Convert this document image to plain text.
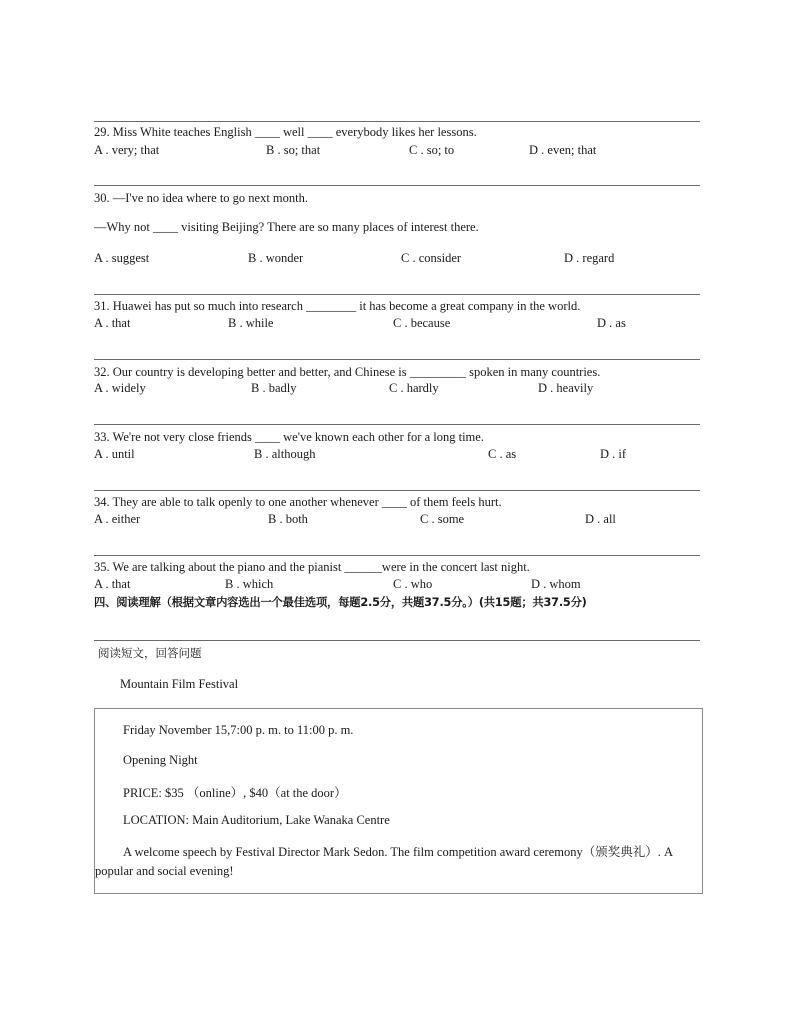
29. Miss White teaches English ____ well ____ everybody likes her lessons.
A . very; that	B . so; that	C . so; to	D . even; that
30. —I've no idea where to go next month.
—Why not ____ visiting Beijing? There are so many places of interest there.
A . suggest	B . wonder	C . consider	D . regard
31. Huawei has put so much into research ________ it has become a great company in the world.
A . that	B . while	C . because	D . as
32. Our country is developing better and better, and Chinese is _________ spoken in many countries.
A . widely	B . badly	C . hardly	D . heavily
33. We're not very close friends ____ we've known each other for a long time.
A . until	B . although	C . as	D . if
34. They are able to talk openly to one another whenever ____ of them feels hurt.
A . either	B . both	C . some	D . all
35. We are talking about the piano and the pianist ______were in the concert last night.
A . that	B . which	C . who	D . whom
四、阅读理解（根据文章内容选出一个最佳选项，每题2.5分，共题37.5分。）(共15题；共37.5分)
阅读短文，回答问题
Mountain Film Festival
Friday November 15,7:00 p. m. to 11:00 p. m.
Opening Night
PRICE: $35 （online）, $40（at the door）
LOCATION: Main Auditorium, Lake Wanaka Centre
A welcome speech by Festival Director Mark Sedon. The film competition award ceremony（颁奖典礼）. A popular and social evening!
